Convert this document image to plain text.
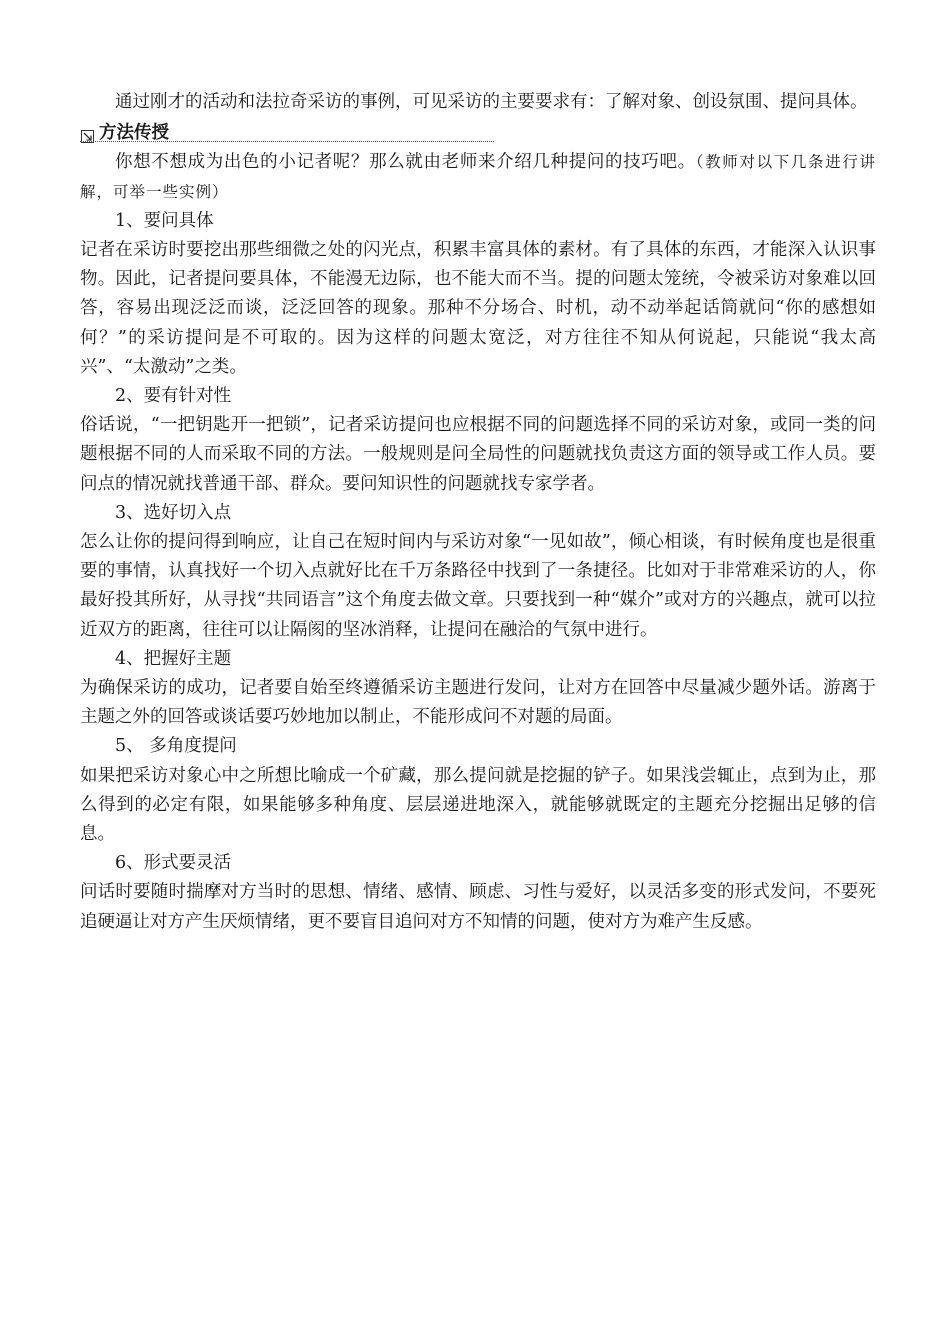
通过刚才的活动和法拉奇采访的事例，可见采访的主要要求有：了解对象、创设氛围、提问具体。

方法传授

你想不想成为出色的小记者呢？那么就由老师来介绍几种提问的技巧吧。（教师对以下几条进行讲解，可举一些实例）

1、要问具体

记者在采访时要挖出那些细微之处的闪光点，积累丰富具体的素材。有了具体的东西，才能深入认识事物。因此，记者提问要具体，不能漫无边际，也不能大而不当。提的问题太笼统，令被采访对象难以回答，容易出现泛泛而谈，泛泛回答的现象。那种不分场合、时机，动不动举起话筒就问“你的感想如何？”的采访提问是不可取的。因为这样的问题太宽泛，对方往往不知从何说起，只能说“我太高兴”、“太激动”之类。

2、要有针对性

俗话说，“一把钥匙开一把锁”，记者采访提问也应根据不同的问题选择不同的采访对象，或同一类的问题根据不同的人而采取不同的方法。一般规则是问全局性的问题就找负责这方面的领导或工作人员。要问点的情况就找普通干部、群众。要问知识性的问题就找专家学者。

3、选好切入点

怎么让你的提问得到响应，让自己在短时间内与采访对象“一见如故”，倾心相谈，有时候角度也是很重要的事情，认真找好一个切入点就好比在千万条路径中找到了一条捷径。比如对于非常难采访的人，你最好投其所好，从寻找“共同语言”这个角度去做文章。只要找到一种“媒介”或对方的兴趣点，就可以拉近双方的距离，往往可以让隔阂的坚冰消释，让提问在融洽的气氛中进行。

4、把握好主题

为确保采访的成功，记者要自始至终遵循采访主题进行发问，让对方在回答中尽量减少题外话。游离于主题之外的回答或谈话要巧妙地加以制止，不能形成问不对题的局面。

5、 多角度提问

如果把采访对象心中之所想比喻成一个矿藏，那么提问就是挖掘的铲子。如果浅尝辄止，点到为止，那么得到的必定有限，如果能够多种角度、层层递进地深入，就能够就既定的主题充分挖掘出足够的信息。

6、形式要灵活

问话时要随时揣摩对方当时的思想、情绪、感情、顾虑、习性与爱好，以灵活多变的形式发问，不要死追硬逼让对方产生厌烦情绪，更不要盲目追问对方不知情的问题，使对方为难产生反感。
